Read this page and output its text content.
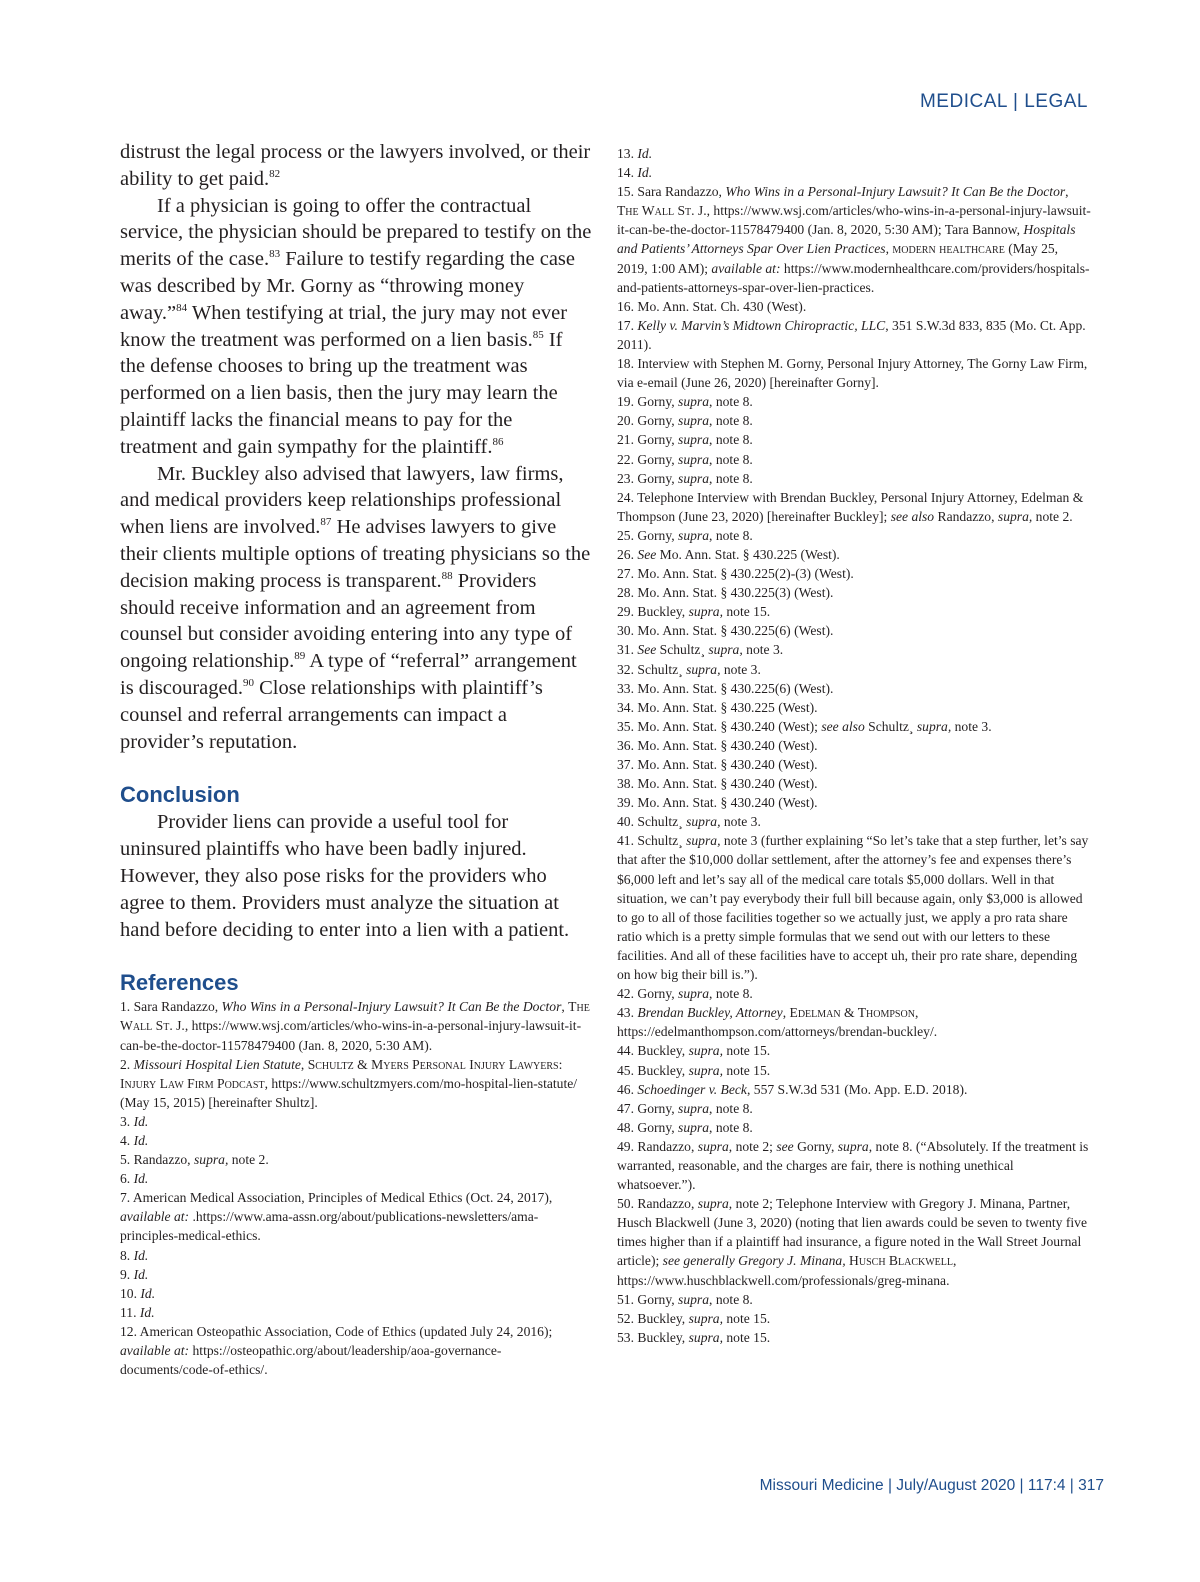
MEDICAL | LEGAL

distrust the legal process or the lawyers involved, or their ability to get paid.$^{82}$

If a physician is going to offer the contractual service, the physician should be prepared to testify on the merits of the case.$^{83}$ Failure to testify regarding the case was described by Mr. Gorny as “throwing money away.”$^{84}$ When testifying at trial, the jury may not ever know the treatment was performed on a lien basis.$^{85}$ If the defense chooses to bring up the treatment was performed on a lien basis, then the jury may learn the plaintiff lacks the financial means to pay for the treatment and gain sympathy for the plaintiff.$^{86}$

Mr. Buckley also advised that lawyers, law firms, and medical providers keep relationships professional when liens are involved.$^{87}$ He advises lawyers to give their clients multiple options of treating physicians so the decision making process is transparent.$^{88}$ Providers should receive information and an agreement from counsel but consider avoiding entering into any type of ongoing relationship.$^{89}$ A type of “referral” arrangement is discouraged.$^{90}$ Close relationships with plaintiff’s counsel and referral arrangements can impact a provider’s reputation.

Conclusion

Provider liens can provide a useful tool for uninsured plaintiffs who have been badly injured. However, they also pose risks for the providers who agree to them. Providers must analyze the situation at hand before deciding to enter into a lien with a patient.

References

1. Sara Randazzo, Who Wins in a Personal-Injury Lawsuit? It Can Be the Doctor, The Wall St. J., https://www.wsj.com/articles/who-wins-in-a-personal-injury-lawsuit-it-can-be-the-doctor-11578479400 (Jan. 8, 2020, 5:30 AM).

2. Missouri Hospital Lien Statute, Schultz & Myers Personal Injury Lawyers: Injury Law Firm Podcast, https://www.schultzmyers.com/mo-hospital-lien-statute/ (May 15, 2015) [hereinafter Shultz].

3. Id.

4. Id.

5. Randazzo, supra, note 2.

6. Id.

7. American Medical Association, Principles of Medical Ethics (Oct. 24, 2017), available at: .https://www.ama-assn.org/about/publications-newsletters/ama-principles-medical-ethics.

8. Id.

9. Id.

10. Id.

11. Id.

12. American Osteopathic Association, Code of Ethics (updated July 24, 2016); available at: https://osteopathic.org/about/leadership/aoa-governance-documents/code-of-ethics/.

13. Id.

14. Id.

15. Sara Randazzo, Who Wins in a Personal-Injury Lawsuit? It Can Be the Doctor, The Wall St. J., https://www.wsj.com/articles/who-wins-in-a-personal-injury-lawsuit-it-can-be-the-doctor-11578479400 (Jan. 8, 2020, 5:30 AM); Tara Bannow, Hospitals and Patients’ Attorneys Spar Over Lien Practices, modern healthcare (May 25, 2019, 1:00 AM); available at: https://www.modernhealthcare.com/providers/hospitals-and-patients-attorneys-spar-over-lien-practices.

16. Mo. Ann. Stat. Ch. 430 (West).

17. Kelly v. Marvin’s Midtown Chiropractic, LLC, 351 S.W.3d 833, 835 (Mo. Ct. App. 2011).

18. Interview with Stephen M. Gorny, Personal Injury Attorney, The Gorny Law Firm, via e-email (June 26, 2020) [hereinafter Gorny].

19. Gorny, supra, note 8.

20. Gorny, supra, note 8.

21. Gorny, supra, note 8.

22. Gorny, supra, note 8.

23. Gorny, supra, note 8.

24. Telephone Interview with Brendan Buckley, Personal Injury Attorney, Edelman & Thompson (June 23, 2020) [hereinafter Buckley]; see also Randazzo, supra, note 2.

25. Gorny, supra, note 8.

26. See Mo. Ann. Stat. § 430.225 (West).

27. Mo. Ann. Stat. § 430.225(2)-(3) (West).

28. Mo. Ann. Stat. § 430.225(3) (West).

29. Buckley, supra, note 15.

30. Mo. Ann. Stat. § 430.225(6) (West).

31. See Schultz¸ supra, note 3.

32. Schultz¸ supra, note 3.

33. Mo. Ann. Stat. § 430.225(6) (West).

34. Mo. Ann. Stat. § 430.225 (West).

35. Mo. Ann. Stat. § 430.240 (West); see also Schultz¸ supra, note 3.

36. Mo. Ann. Stat. § 430.240 (West).

37. Mo. Ann. Stat. § 430.240 (West).

38. Mo. Ann. Stat. § 430.240 (West).

39. Mo. Ann. Stat. § 430.240 (West).

40. Schultz¸ supra, note 3.

41. Schultz¸ supra, note 3 (further explaining “So let’s take that a step further, let’s say that after the $10,000 dollar settlement, after the attorney’s fee and expenses there’s $6,000 left and let’s say all of the medical care totals $5,000 dollars. Well in that situation, we can’t pay everybody their full bill because again, only $3,000 is allowed to go to all of those facilities together so we actually just, we apply a pro rata share ratio which is a pretty simple formulas that we send out with our letters to these facilities. And all of these facilities have to accept uh, their pro rate share, depending on how big their bill is.”).

42. Gorny, supra, note 8.

43. Brendan Buckley, Attorney, Edelman & Thompson, https://edelmanthompson.com/attorneys/brendan-buckley/.

44. Buckley, supra, note 15.

45. Buckley, supra, note 15.

46. Schoedinger v. Beck, 557 S.W.3d 531 (Mo. App. E.D. 2018).

47. Gorny, supra, note 8.

48. Gorny, supra, note 8.

49. Randazzo, supra, note 2; see Gorny, supra, note 8. (“Absolutely. If the treatment is warranted, reasonable, and the charges are fair, there is nothing unethical whatsoever.”).

50. Randazzo, supra, note 2; Telephone Interview with Gregory J. Minana, Partner, Husch Blackwell (June 3, 2020) (noting that lien awards could be seven to twenty five times higher than if a plaintiff had insurance, a figure noted in the Wall Street Journal article); see generally Gregory J. Minana, Husch Blackwell, https://www.huschblackwell.com/professionals/greg-minana.

51. Gorny, supra, note 8.

52. Buckley, supra, note 15.

53. Buckley, supra, note 15.

Missouri Medicine | July/August 2020 | 117:4 | 317
